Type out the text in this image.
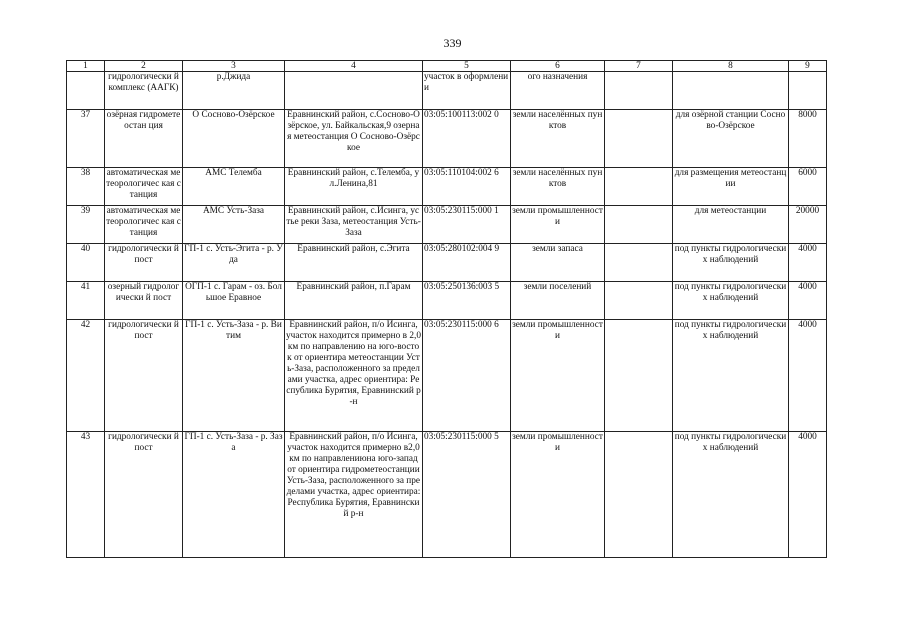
339
1	2	3	4	5	6	7	8	9
	гидрологически й комплекс (ААГК)	р.Джида		участок в оформлении	ого назначения			
37	озёрная гидрометеостан ция	О Сосново-Озёрское	Еравнинский район, с.Сосново-Озёрское, ул. Байкальская,9 озерная метеостанция О Сосново-Озёрское	03:05:100113:002 0	земли населённых пунктов		для озёрной станции Сосново-Озёрское	8000
38	автоматическая метеорологичес кая станция	АМС Телемба	Еравнинский район, с.Телемба, ул.Ленина,81	03:05:110104:002 6	земли населённых пунктов		для размещения метеостанции	6000
39	автоматическая метеорологичес кая станция	АМС Усть-Заза	Еравнинский район, с.Исинга, устье реки Заза, метеостанция Усть-Заза	03:05:230115:000 1	земли промышленности		для метеостанции	20000
40	гидрологически й пост	ГП-1 с. Усть-Эгита - р. Уда	Еравнинский район, с.Эгита	03:05:280102:004 9	земли запаса		под пункты гидрологических наблюдений	4000
41	озерный гидрологически й пост	ОГП-1 с. Гарам - оз. Большое Еравное	Еравнинский район, п.Гарам	03:05:250136:003 5	земли поселений		под пункты гидрологических наблюдений	4000
42	гидрологически й пост	ГП-1 с. Усть-Заза - р. Витим	Еравнинский район, п/о Исинга, участок находится примерно в 2,0 км по направлению на юго-восток от ориентира метеостанции Усть-Заза, расположенного за пределами участка, адрес ориентира: Республика Бурятия, Еравнинский р-н	03:05:230115:000 6	земли промышленности		под пункты гидрологических наблюдений	4000
43	гидрологически й пост	ГП-1 с. Усть-Заза - р. Заза	Еравнинский район, п/о Исинга, участок находится примерно в2,0 км по направлениюна юго-запад от ориентира гидрометеостанции Усть-Заза, расположенного за пределами участка, адрес ориентира: Республика Бурятия, Еравнинский р-н	03:05:230115:000 5	земли промышленности		под пункты гидрологических наблюдений	4000
